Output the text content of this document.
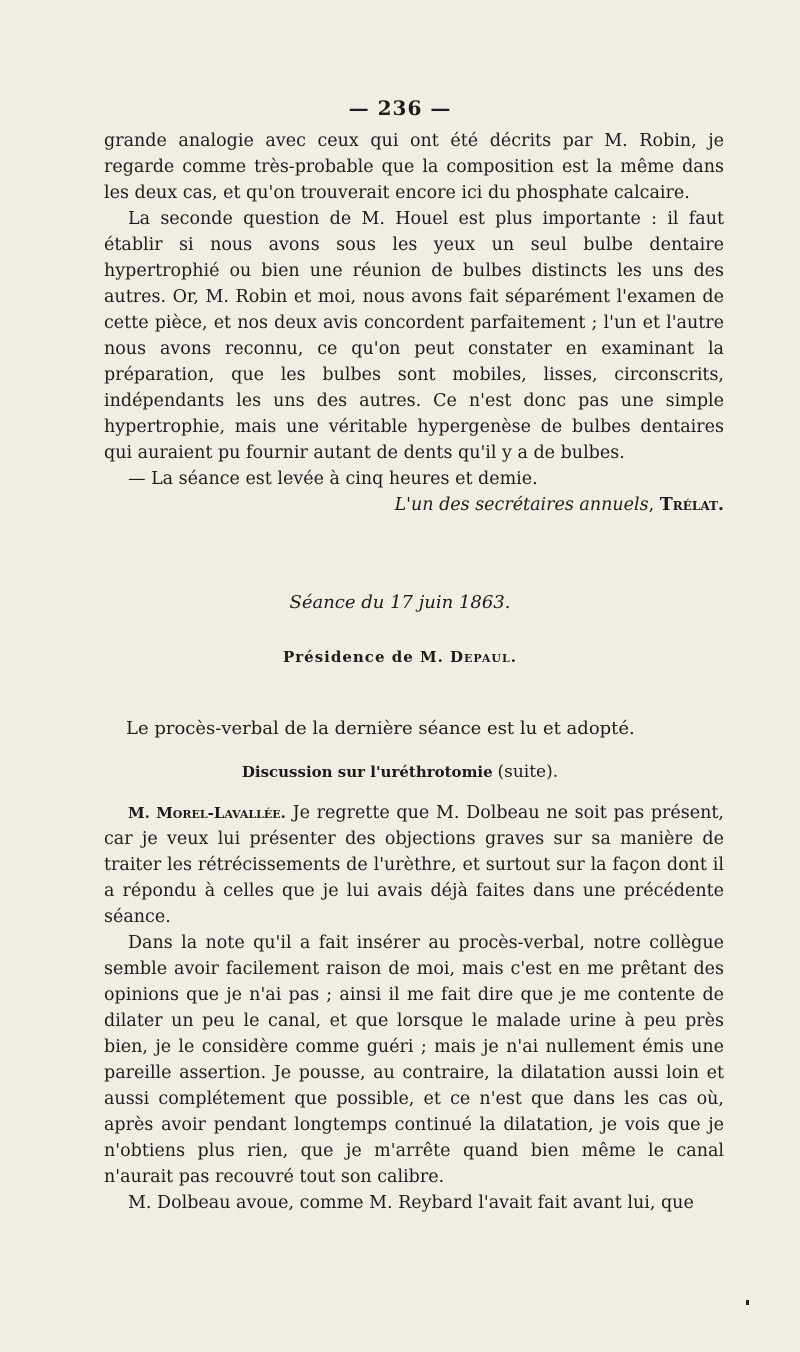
— 236 —

grande analogie avec ceux qui ont été décrits par M. Robin, je regarde comme très-probable que la composition est la même dans les deux cas, et qu'on trouverait encore ici du phosphate calcaire.

La seconde question de M. Houel est plus importante : il faut établir si nous avons sous les yeux un seul bulbe dentaire hypertrophié ou bien une réunion de bulbes distincts les uns des autres. Or, M. Robin et moi, nous avons fait séparément l'examen de cette pièce, et nos deux avis concordent parfaitement ; l'un et l'autre nous avons reconnu, ce qu'on peut constater en examinant la préparation, que les bulbes sont mobiles, lisses, circonscrits, indépendants les uns des autres. Ce n'est donc pas une simple hypertrophie, mais une véritable hypergenèse de bulbes dentaires qui auraient pu fournir autant de dents qu'il y a de bulbes.

— La séance est levée à cinq heures et demie.

L'un des secrétaires annuels, Trélat.

Séance du 17 juin 1863.
Présidence de M. Depaul.
Le procès-verbal de la dernière séance est lu et adopté.
Discussion sur l'uréthrotomie (suite).

M. Morel-Lavallée. Je regrette que M. Dolbeau ne soit pas présent, car je veux lui présenter des objections graves sur sa manière de traiter les rétrécissements de l'urèthre, et surtout sur la façon dont il a répondu à celles que je lui avais déjà faites dans une précédente séance.

Dans la note qu'il a fait insérer au procès-verbal, notre collègue semble avoir facilement raison de moi, mais c'est en me prêtant des opinions que je n'ai pas ; ainsi il me fait dire que je me contente de dilater un peu le canal, et que lorsque le malade urine à peu près bien, je le considère comme guéri ; mais je n'ai nullement émis une pareille assertion. Je pousse, au contraire, la dilatation aussi loin et aussi complétement que possible, et ce n'est que dans les cas où, après avoir pendant longtemps continué la dilatation, je vois que je n'obtiens plus rien, que je m'arrête quand bien même le canal n'aurait pas recouvré tout son calibre.

M. Dolbeau avoue, comme M. Reybard l'avait fait avant lui, que
